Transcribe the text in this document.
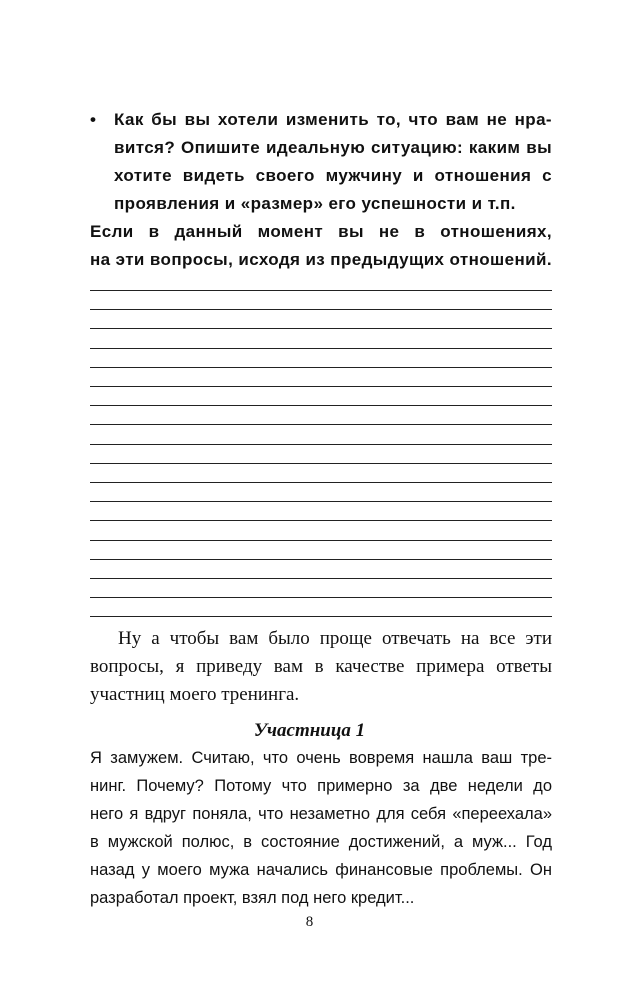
• Как бы вы хотели изменить то, что вам не нра-
вится? Опишите идеальную ситуацию: каким вы
хотите видеть своего мужчину и отношения с
проявления и «размер» его успешности и т.п.
Если в данный момент вы не в отношениях,
на эти вопросы, исходя из предыдущих отношений.
Ну а чтобы вам было проще отвечать на все эти
вопросы, я приведу вам в качестве примера ответы
участниц моего тренинга.
Участница 1
Я замужем. Считаю, что очень вовремя нашла ваш тре-
нинг. Почему? Потому что примерно за две недели до
него я вдруг поняла, что незаметно для себя «переехала»
в мужской полюс, в состояние достижений, а муж... Год
назад у моего мужа начались финансовые проблемы. Он
разработал проект, взял под него кредит...
8
